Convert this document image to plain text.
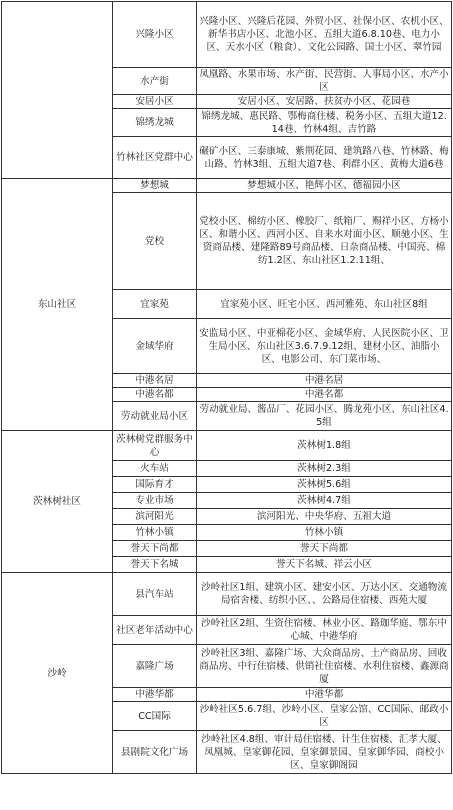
	兴隆小区	兴隆小区、兴隆后花园、外贸小区、社保小区、农机小区、新华书店小区、北池小区、五组大道6.8.10巷、电力小区、天水小区（粮食）、文化公园路、国土小区、翠竹园
	水产街	凤凰路、水果市场、水产街、民营街、人事局小区、水产小区
	安居小区	安居小区、安居路、扶贫办小区、花园巷
	锦绣龙城	锦绣龙城、惠民路、鄂梅商住楼、税务小区、五组大道12.14巷、竹林4组、吉竹路
	竹林社区党群中心	碾矿小区、三泰康城、紫荆花园、建筑路八巷、竹林路、梅山路、竹林3组、五组大道7巷、利群小区、黄梅大道6巷
东山社区	梦想城	梦想城小区、艳辉小区、德福园小区
	党校	党校小区、棉纺小区、橡胶厂、纸箱厂、赐祥小区、方杨小区、和谐小区、西河小区、自来水对面小区、顺驰小区、生资商品楼、建隆路89号商品楼、日杂商品楼、中国亮、棉纺1.2区、东山社区1.2.11组、
	宜家苑	宜家苑小区、旺宅小区、西河雅苑、东山社区8组
	金域华府	安监局小区、中亚棉花小区、金域华府、人民医院小区、卫生局小区、东山社区3.6.7.9.12组、建材小区、油脂小区、电影公司、东门菜市场、
	中港名居	中港名居
	中港名都	中港名都
	劳动就业局小区	劳动就业局、酱品厂、花园小区、腾龙苑小区、东山社区4.5组
茨林树社区	茨林树党群服务中心	茨林树1.8组
	火车站	茨林树2.3组
	国际育才	茨林树5.6组
	专业市场	茨林树4.7组
	滨河阳光	滨河阳光、中央华府、五祖大道
	竹林小镇	竹林小镇
	誉天下尚都	誉天下尚都
	誉天下名城	誉天下名城、祥云小区
沙岭	县汽车站	沙岭社区1组、建筑小区、建安小区、万达小区、交通物流局宿舍楼、纺织小区、、公路局住宿楼、西苑大厦
	社区老年活动中心	沙岭社区2组、生资住宿楼、林业小区、路珈华庭、鄂东中心城、中港华府
	嘉隆广场	沙岭社区3组、嘉隆广场、大众商品房、土产商品房、回收商品房、中行住宿楼、供销社住宿楼、水利住宿楼、鑫源商厦
	中港华都	中港华都
	CC国际	沙岭社区5.6.7组、沙岭小区、皇家公馆、CC国际、邮政小区
	县剧院文化广场	沙岭社区4.8组、审计局住宿楼、计生住宿楼、汇孝大厦、凤凰城、皇家御花园、皇家御景园、皇家御华园、商校小区、皇家御阁园
